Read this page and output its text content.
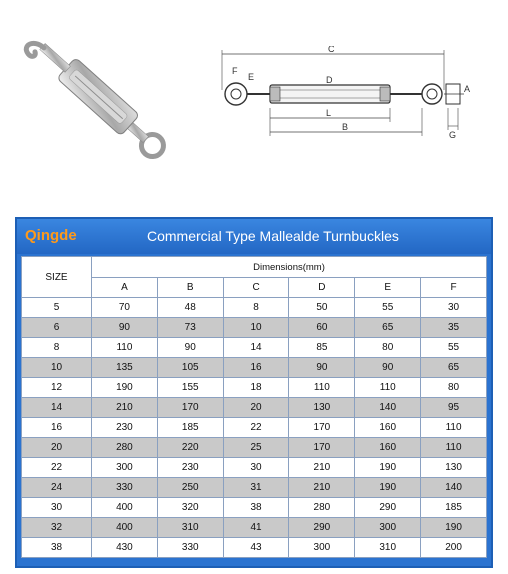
C
F
E	D
A
G
L
B
Qingde	Commercial Type Mallealde Turnbuckles
SIZE	Dimensions(mm)					
	A	B	C	D	E	F
5	70	48	8	50	55	30
6	90	73	10	60	65	35
8	110	90	14	85	80	55
10	135	105	16	90	90	65
12	190	155	18	110	110	80
14	210	170	20	130	140	95
16	230	185	22	170	160	110
20	280	220	25	170	160	110
22	300	230	30	210	190	130
24	330	250	31	210	190	140
30	400	320	38	280	290	185
32	400	310	41	290	300	190
38	430	330	43	300	310	200
